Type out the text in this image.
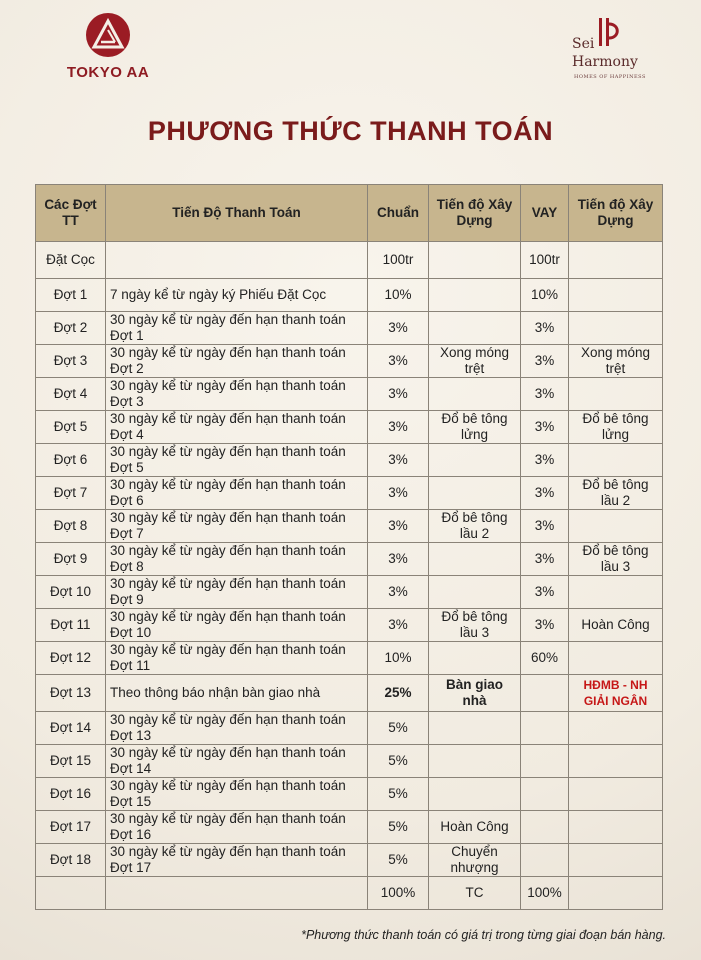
TOKYO AA
Sei
Harmony
HOMES OF HAPPINESS
PHƯƠNG THỨC THANH TOÁN
Các Đợt TT	Tiến Độ Thanh Toán	Chuẩn	Tiến độ Xây Dựng	VAY	Tiến độ Xây Dựng
Đặt Cọc		100tr		100tr	
Đợt 1	7 ngày kể từ ngày ký Phiếu Đặt Cọc	10%		10%	
Đợt 2	30 ngày kể từ ngày đến hạn thanh toán Đợt 1	3%		3%	
Đợt 3	30 ngày kể từ ngày đến hạn thanh toán Đợt 2	3%	Xong móng trệt	3%	Xong móng trệt
Đợt 4	30 ngày kể từ ngày đến hạn thanh toán Đợt 3	3%		3%	
Đợt 5	30 ngày kể từ ngày đến hạn thanh toán Đợt 4	3%	Đổ bê tông lửng	3%	Đổ bê tông lửng
Đợt 6	30 ngày kể từ ngày đến hạn thanh toán Đợt 5	3%		3%	
Đợt 7	30 ngày kể từ ngày đến hạn thanh toán Đợt 6	3%		3%	Đổ bê tông lầu 2
Đợt 8	30 ngày kể từ ngày đến hạn thanh toán Đợt 7	3%	Đổ bê tông lầu 2	3%	
Đợt 9	30 ngày kể từ ngày đến hạn thanh toán Đợt 8	3%		3%	Đổ bê tông lầu 3
Đợt 10	30 ngày kể từ ngày đến hạn thanh toán Đợt 9	3%		3%	
Đợt 11	30 ngày kể từ ngày đến hạn thanh toán Đợt 10	3%	Đổ bê tông lầu 3	3%	Hoàn Công
Đợt 12	30 ngày kể từ ngày đến hạn thanh toán Đợt 11	10%		60%	
Đợt 13	Theo thông báo nhận bàn giao nhà	25%	Bàn giao nhà		HĐMB - NH GIẢI NGÂN
Đợt 14	30 ngày kể từ ngày đến hạn thanh toán Đợt 13	5%			
Đợt 15	30 ngày kể từ ngày đến hạn thanh toán Đợt 14	5%			
Đợt 16	30 ngày kể từ ngày đến hạn thanh toán Đợt 15	5%			
Đợt 17	30 ngày kể từ ngày đến hạn thanh toán Đợt 16	5%	Hoàn Công		
Đợt 18	30 ngày kể từ ngày đến hạn thanh toán Đợt 17	5%	Chuyển nhượng		
		100%	TC	100%	
*Phương thức thanh toán có giá trị trong từng giai đoạn bán hàng.
